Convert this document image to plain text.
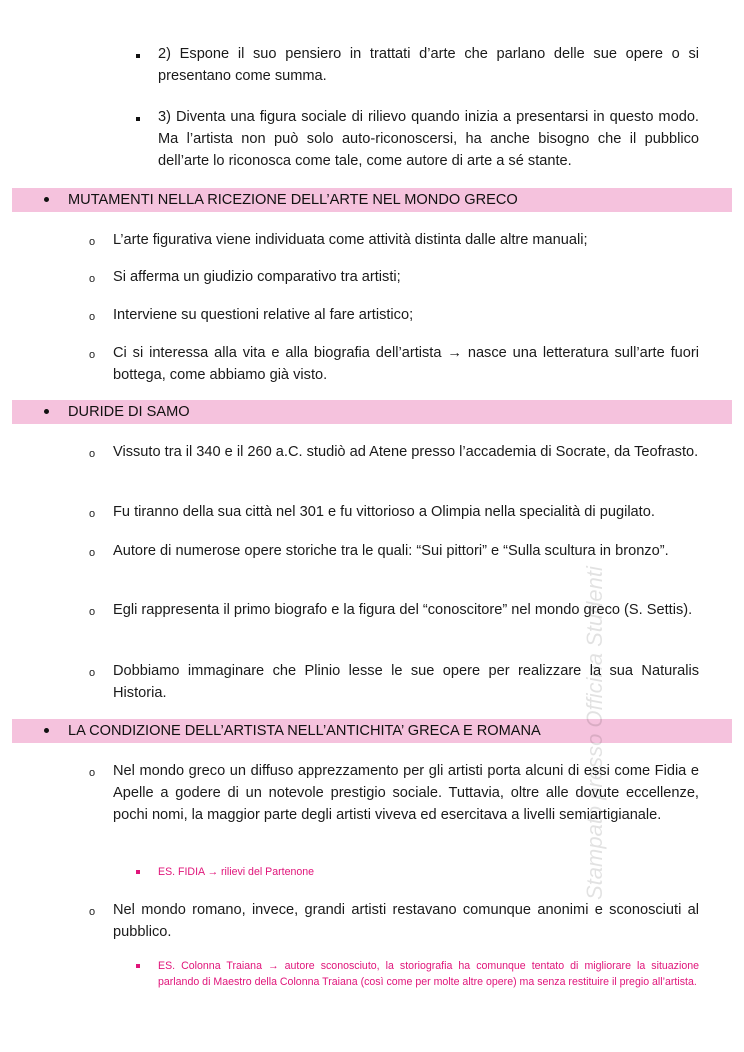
2) Espone il suo pensiero in trattati d’arte che parlano delle sue opere o si presentano come summa.
3) Diventa una figura sociale di rilievo quando inizia a presentarsi in questo modo. Ma l’artista non può solo auto-riconoscersi, ha anche bisogno che il pubblico dell’arte lo riconosca come tale, come autore di arte a sé stante.
MUTAMENTI NELLA RICEZIONE DELL’ARTE NEL MONDO GRECO
o L’arte figurativa viene individuata come attività distinta dalle altre manuali;
o Si afferma un giudizio comparativo tra artisti;
o Interviene su questioni relative al fare artistico;
o Ci si interessa alla vita e alla biografia dell’artista → nasce una letteratura sull’arte fuori bottega, come abbiamo già visto.
DURIDE DI SAMO
o Vissuto tra il 340 e il 260 a.C. studiò ad Atene presso l’accademia di Socrate, da Teofrasto.
o Fu tiranno della sua città nel 301 e fu vittorioso a Olimpia nella specialità di pugilato.
o Autore di numerose opere storiche tra le quali: “Sui pittori” e “Sulla scultura in bronzo”.
o Egli rappresenta il primo biografo e la figura del “conoscitore” nel mondo greco (S. Settis).
o Dobbiamo immaginare che Plinio lesse le sue opere per realizzare la sua Naturalis Historia.
LA CONDIZIONE DELL’ARTISTA NELL’ANTICHITA’ GRECA E ROMANA
o Nel mondo greco un diffuso apprezzamento per gli artisti porta alcuni di essi come Fidia e Apelle a godere di un notevole prestigio sociale. Tuttavia, oltre alle dovute eccellenze, pochi nomi, la maggior parte degli artisti viveva ed esercitava a livelli semiartigianale.
ES. FIDIA → rilievi del Partenone
o Nel mondo romano, invece, grandi artisti restavano comunque anonimi e sconosciuti al pubblico.
ES. Colonna Traiana → autore sconosciuto, la storiografia ha comunque tentato di migliorare la situazione parlando di Maestro della Colonna Traiana (così come per molte altre opere) ma senza restituire il pregio all’artista.
Stampato presso Officina Studenti
